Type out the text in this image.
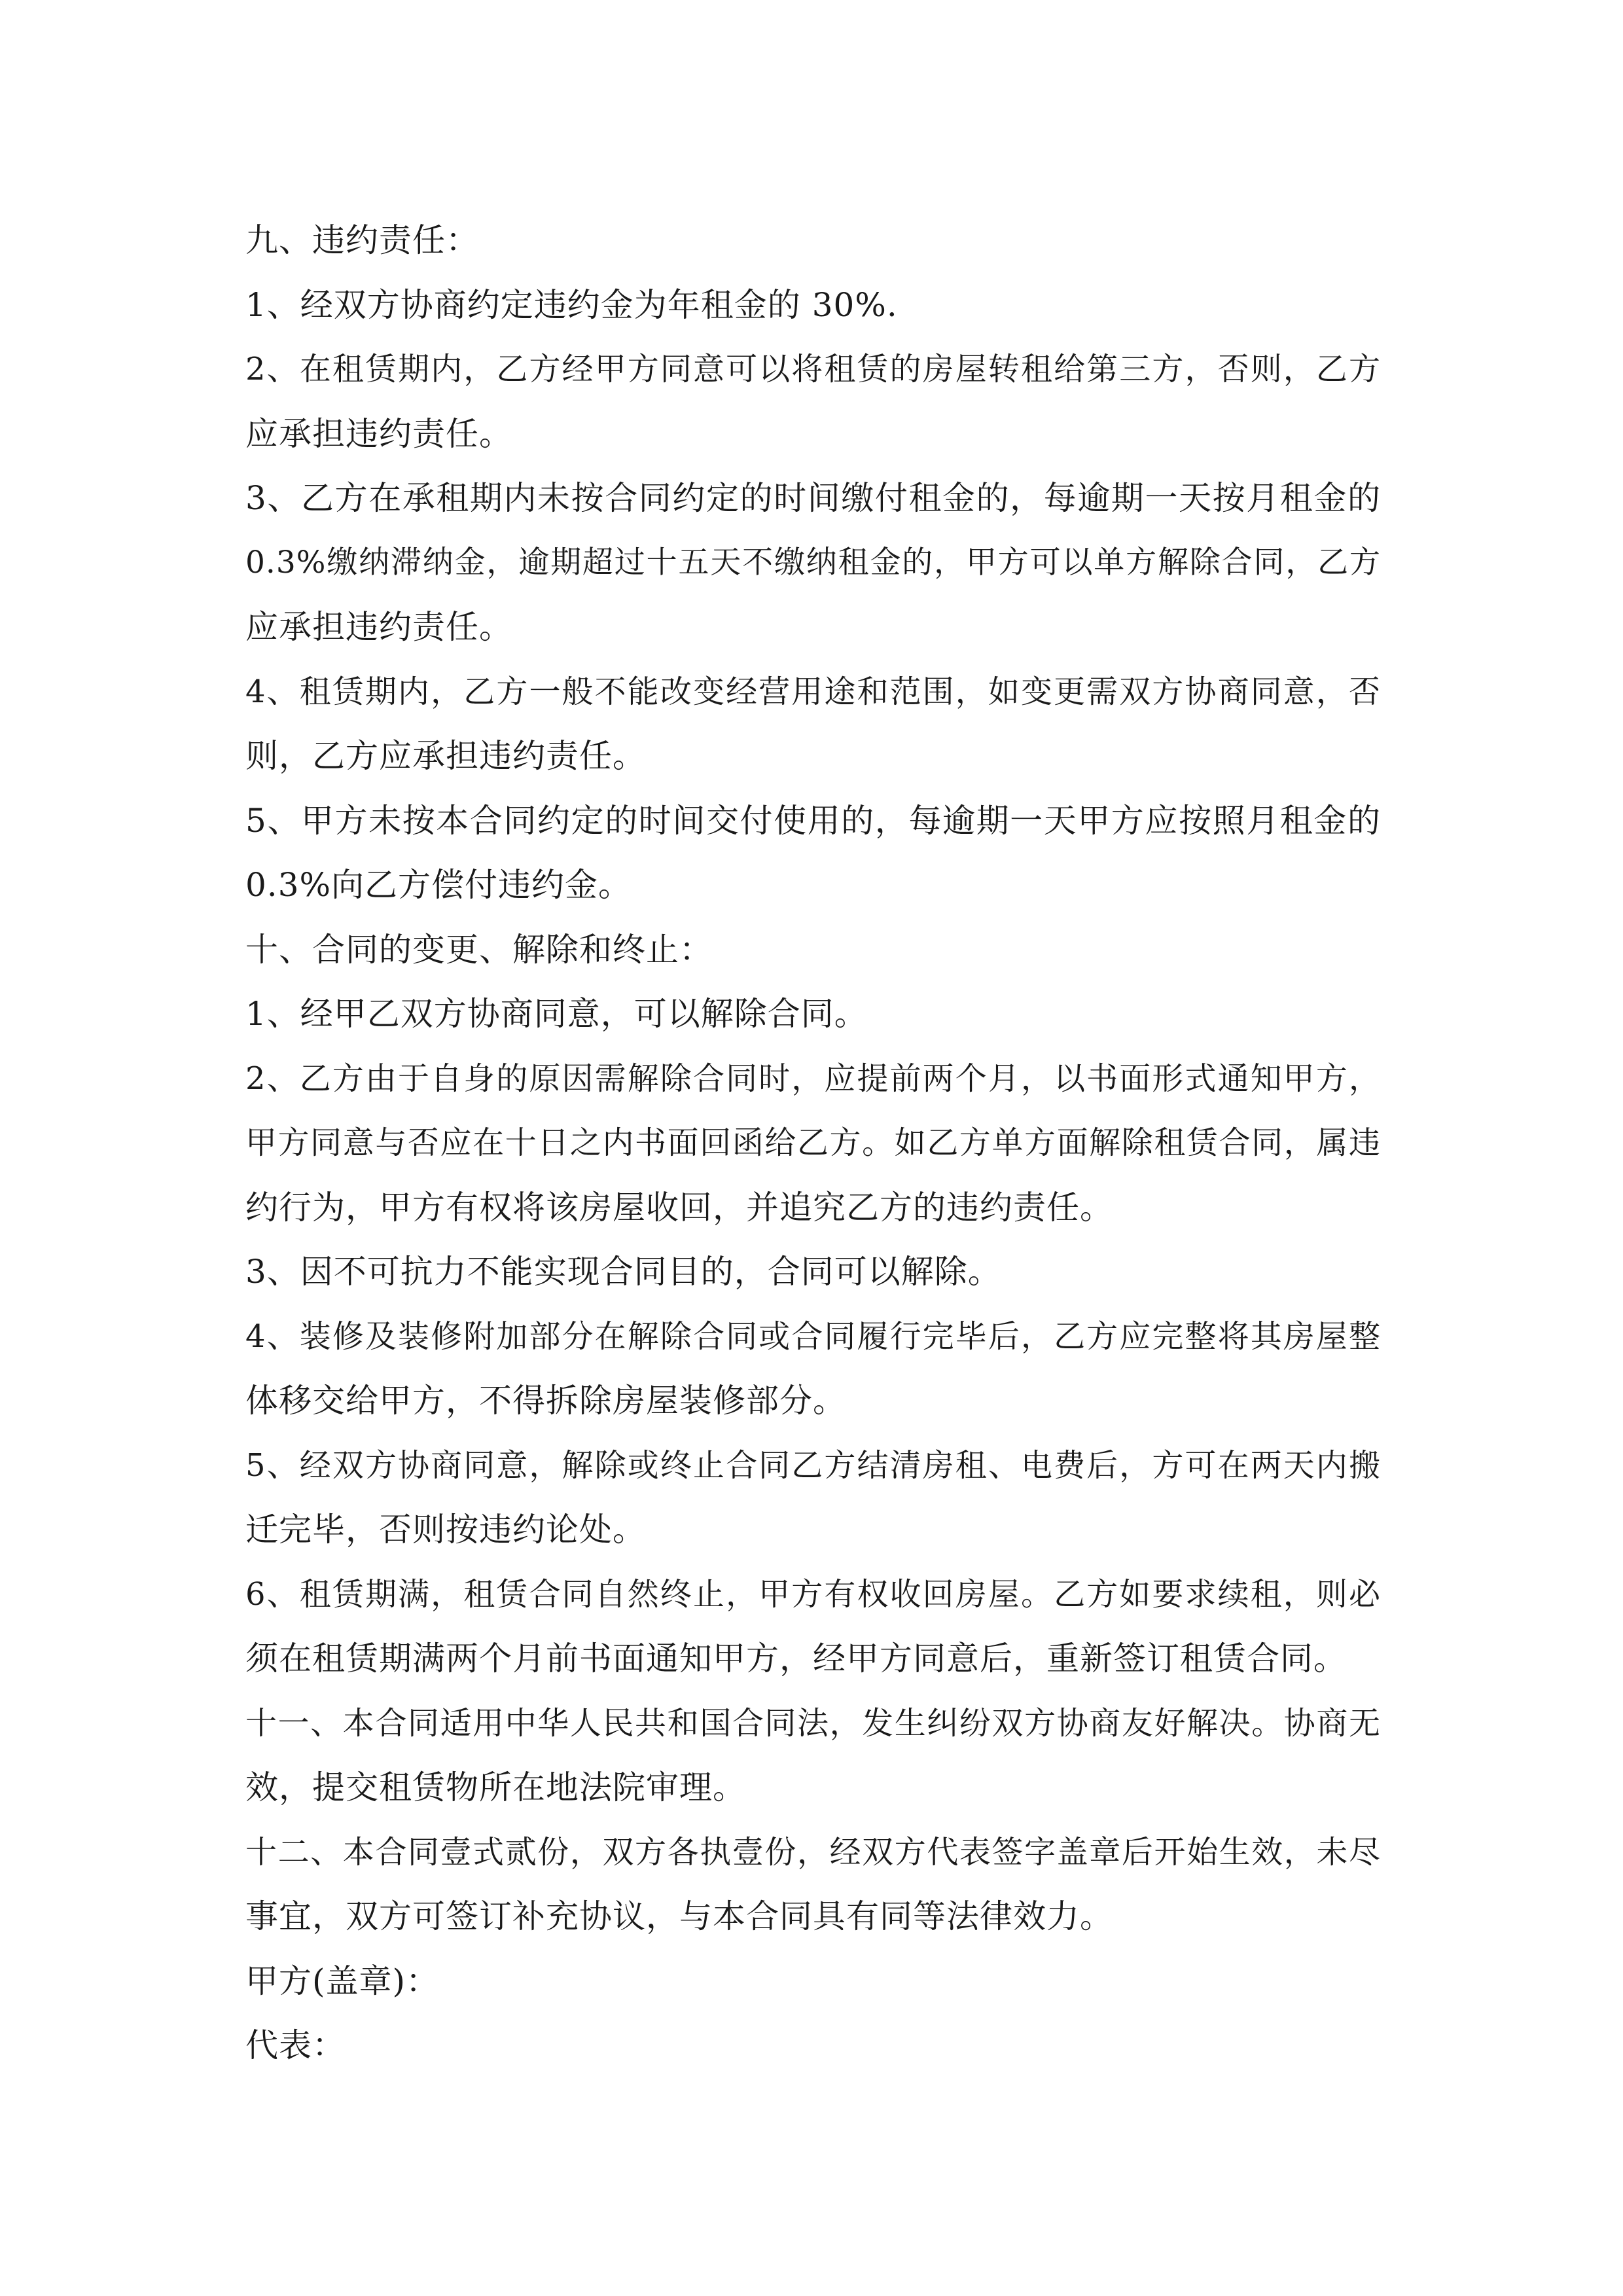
九、违约责任：
1、经双方协商约定违约金为年租金的 30%.
2、在租赁期内，乙方经甲方同意可以将租赁的房屋转租给第三方，否则，乙方
应承担违约责任。
3、乙方在承租期内未按合同约定的时间缴付租金的，每逾期一天按月租金的
0.3%缴纳滞纳金，逾期超过十五天不缴纳租金的，甲方可以单方解除合同，乙方
应承担违约责任。
4、租赁期内，乙方一般不能改变经营用途和范围，如变更需双方协商同意，否
则，乙方应承担违约责任。
5、甲方未按本合同约定的时间交付使用的，每逾期一天甲方应按照月租金的
0.3%向乙方偿付违约金。
十、合同的变更、解除和终止：
1、经甲乙双方协商同意，可以解除合同。
2、乙方由于自身的原因需解除合同时，应提前两个月，以书面形式通知甲方，
甲方同意与否应在十日之内书面回函给乙方。如乙方单方面解除租赁合同，属违
约行为，甲方有权将该房屋收回，并追究乙方的违约责任。
3、因不可抗力不能实现合同目的，合同可以解除。
4、装修及装修附加部分在解除合同或合同履行完毕后，乙方应完整将其房屋整
体移交给甲方，不得拆除房屋装修部分。
5、经双方协商同意，解除或终止合同乙方结清房租、电费后，方可在两天内搬
迁完毕，否则按违约论处。
6、租赁期满，租赁合同自然终止，甲方有权收回房屋。乙方如要求续租，则必
须在租赁期满两个月前书面通知甲方，经甲方同意后，重新签订租赁合同。
十一、本合同适用中华人民共和国合同法，发生纠纷双方协商友好解决。协商无
效，提交租赁物所在地法院审理。
十二、本合同壹式贰份，双方各执壹份，经双方代表签字盖章后开始生效，未尽
事宜，双方可签订补充协议，与本合同具有同等法律效力。
甲方(盖章)：
代表：
